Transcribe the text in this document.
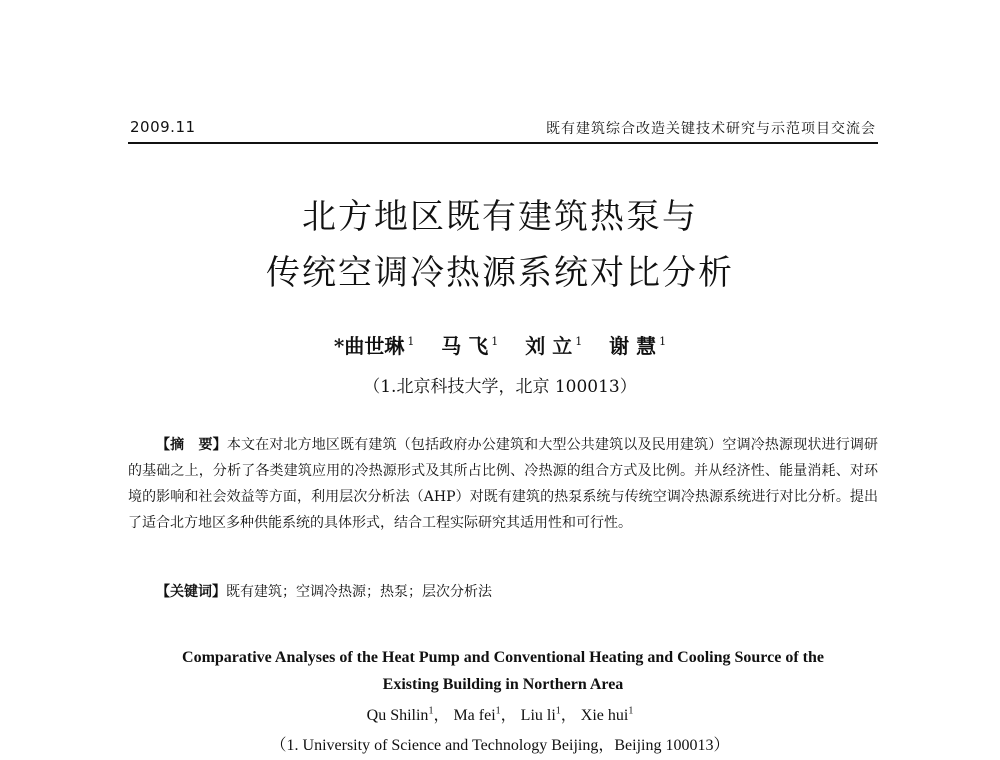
2009.11	既有建筑综合改造关键技术研究与示范项目交流会
北方地区既有建筑热泵与
传统空调冷热源系统对比分析
*曲世琳 $^1$ 马 飞 $^1$ 刘 立 $^1$ 谢 慧 $^1$
（1.北京科技大学，北京 100013）

【摘　要】本文在对北方地区既有建筑（包括政府办公建筑和大型公共建筑以及民用建筑）空调冷热源现状进行调研的基础之上，分析了各类建筑应用的冷热源形式及其所占比例、冷热源的组合方式及比例。并从经济性、能量消耗、对环境的影响和社会效益等方面，利用层次分析法（AHP）对既有建筑的热泵系统与传统空调冷热源系统进行对比分析。提出了适合北方地区多种供能系统的具体形式，结合工程实际研究其适用性和可行性。

【关键词】既有建筑；空调冷热源；热泵；层次分析法
Comparative Analyses of the Heat Pump and Conventional Heating and Cooling Source of the
Existing Building in Northern Area
Qu Shilin$^1$， Ma fei$^1$， Liu $li^1$， Xie hui$^1$
（1. University of Science and Technology Beijing，Beijing 100013）
